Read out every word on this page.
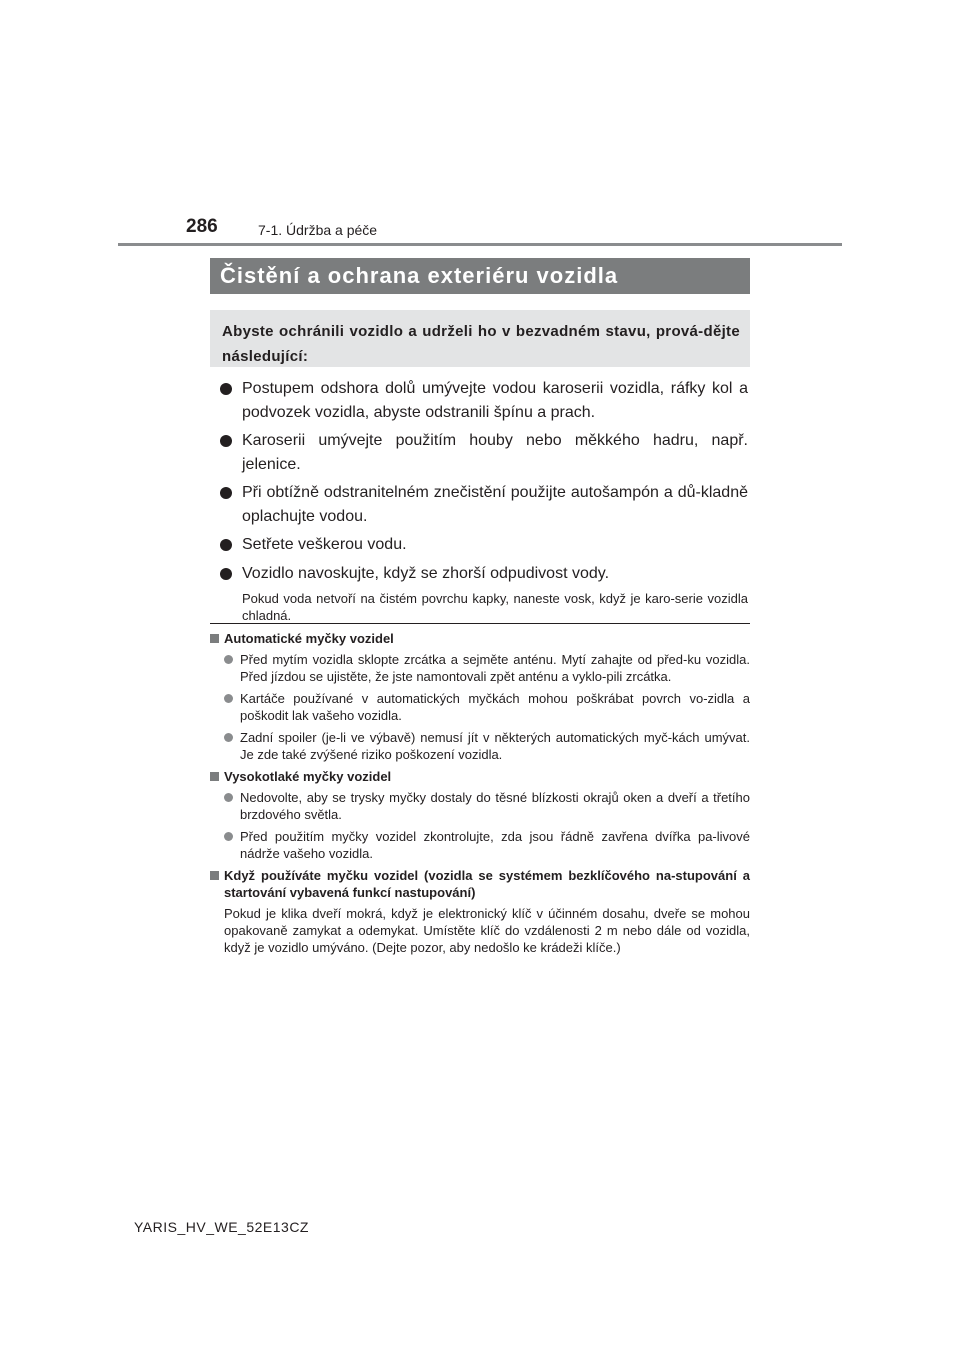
286	7-1. Údržba a péče
Čistění a ochrana exteriéru vozidla
Abyste ochránili vozidlo a udrželi ho v bezvadném stavu, prová-dějte následující:
Postupem odshora dolů umývejte vodou karoserii vozidla, ráfky kol a podvozek vozidla, abyste odstranili špínu a prach.
Karoserii umývejte použitím houby nebo měkkého hadru, např. jelenice.
Při obtížně odstranitelném znečistění použijte autošampón a dů-kladně oplachujte vodou.
Setřete veškerou vodu.
Vozidlo navoskujte, když se zhorší odpudivost vody.
Pokud voda netvoří na čistém povrchu kapky, naneste vosk, když je karo-serie vozidla chladná.
Automatické myčky vozidel
Před mytím vozidla sklopte zrcátka a sejměte anténu. Mytí zahajte od před-ku vozidla. Před jízdou se ujistěte, že jste namontovali zpět anténu a vyklo-pili zrcátka.
Kartáče používané v automatických myčkách mohou poškrábat povrch vo-zidla a poškodit lak vašeho vozidla.
Zadní spoiler (je-li ve výbavě) nemusí jít v některých automatických myč-kách umývat. Je zde také zvýšené riziko poškození vozidla.
Vysokotlaké myčky vozidel
Nedovolte, aby se trysky myčky dostaly do těsné blízkosti okrajů oken a dveří a třetího brzdového světla.
Před použitím myčky vozidel zkontrolujte, zda jsou řádně zavřena dvířka pa-livové nádrže vašeho vozidla.
Když používáte myčku vozidel (vozidla se systémem bezklíčového na-stupování a startování vybavená funkcí nastupování)
Pokud je klika dveří mokrá, když je elektronický klíč v účinném dosahu, dveře se mohou opakovaně zamykat a odemykat. Umístěte klíč do vzdálenosti 2 m nebo dále od vozidla, když je vozidlo umýváno. (Dejte pozor, aby nedošlo ke krádeži klíče.)
YARIS_HV_WE_52E13CZ
